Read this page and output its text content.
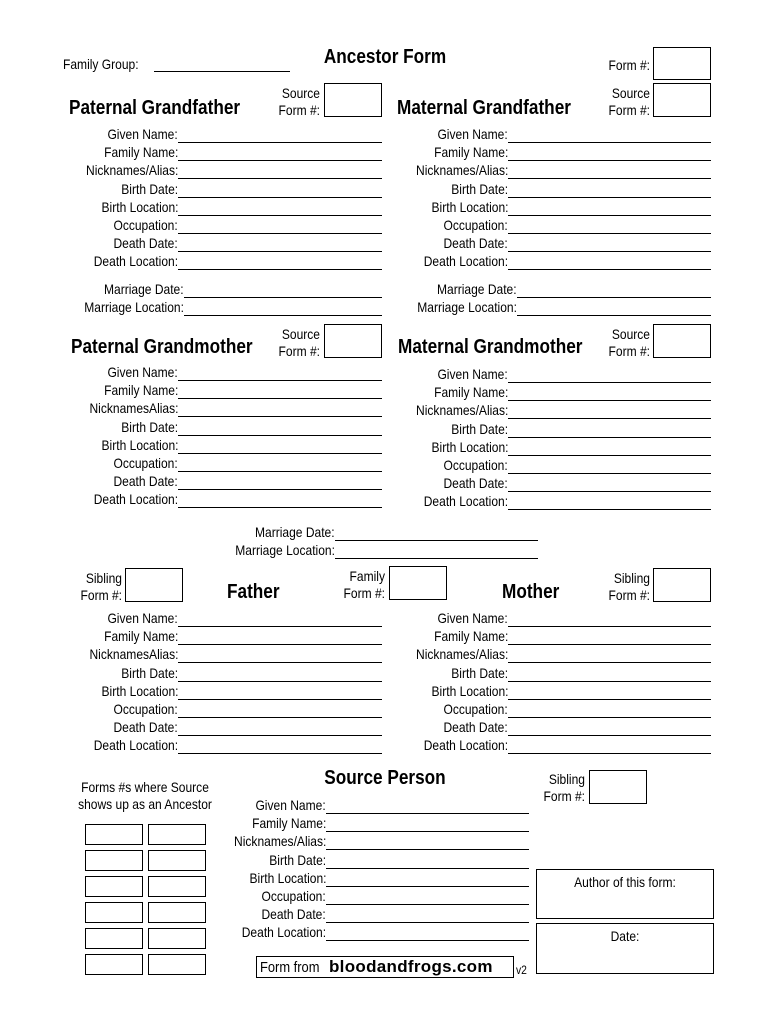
Family Group:	Ancestor Form	Form #:
Paternal Grandfather
Source
Form #:
Given Name:
Family Name:
Nicknames/Alias:
Birth Date:
Birth Location:
Occupation:
Death Date:
Death Location:
Marriage Date:
Marriage Location:
Maternal Grandfather
Source
Form #:
Given Name:
Family Name:
Nicknames/Alias:
Birth Date:
Birth Location:
Occupation:
Death Date:
Death Location:
Marriage Date:
Marriage Location:
Paternal Grandmother
Source
Form #:
Given Name:
Family Name:
NicknamesAlias:
Birth Date:
Birth Location:
Occupation:
Death Date:
Death Location:
Maternal Grandmother
Source
Form #:
Given Name:
Family Name:
Nicknames/Alias:
Birth Date:
Birth Location:
Occupation:
Death Date:
Death Location:
Marriage Date:
Marriage Location:
Sibling
Form #:	Father
Family
Form #:	Mother
Sibling
Form #:
Given Name:
Family Name:
NicknamesAlias:
Birth Date:
Birth Location:
Occupation:
Death Date:
Death Location:
Given Name:
Family Name:
Nicknames/Alias:
Birth Date:
Birth Location:
Occupation:
Death Date:
Death Location:
Forms #s where Source
shows up as an Ancestor
Source Person	Sibling
Form #:
Given Name:
Family Name:
Nicknames/Alias:
Birth Date:
Birth Location:
Occupation:
Death Date:
Death Location:
Author of this form:
Date:
Form from bloodandfrogs.com v2
